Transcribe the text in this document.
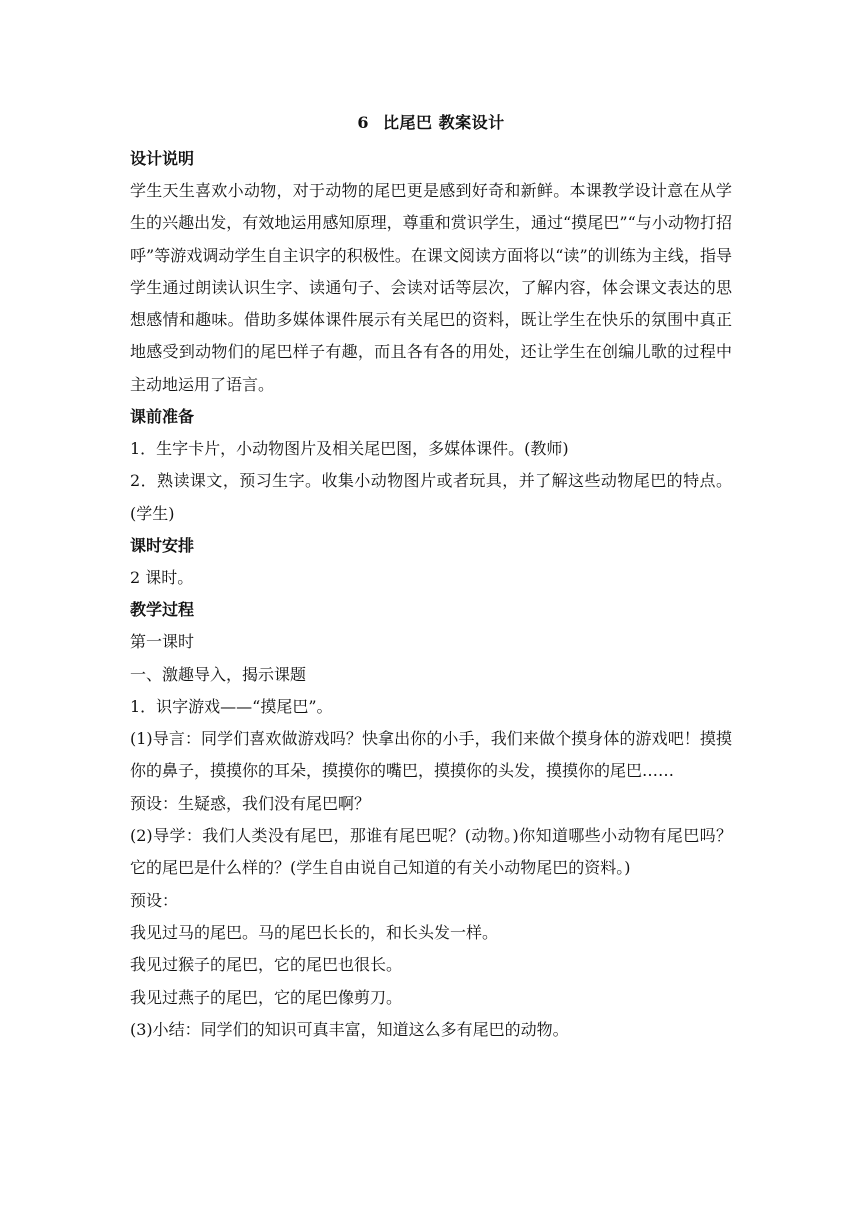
6 比尾巴 教案设计

设计说明

学生天生喜欢小动物，对于动物的尾巴更是感到好奇和新鲜。本课教学设计意在从学生的兴趣出发，有效地运用感知原理，尊重和赏识学生，通过“摸尾巴”“与小动物打招呼”等游戏调动学生自主识字的积极性。在课文阅读方面将以“读”的训练为主线，指导学生通过朗读认识生字、读通句子、会读对话等层次，了解内容，体会课文表达的思想感情和趣味。借助多媒体课件展示有关尾巴的资料，既让学生在快乐的氛围中真正地感受到动物们的尾巴样子有趣，而且各有各的用处，还让学生在创编儿歌的过程中主动地运用了语言。

课前准备

1．生字卡片，小动物图片及相关尾巴图，多媒体课件。(教师)

2．熟读课文，预习生字。收集小动物图片或者玩具，并了解这些动物尾巴的特点。(学生)

课时安排

2 课时。

教学过程

第一课时

一、激趣导入，揭示课题

1．识字游戏——“摸尾巴”。

(1)导言：同学们喜欢做游戏吗？快拿出你的小手，我们来做个摸身体的游戏吧！摸摸你的鼻子，摸摸你的耳朵，摸摸你的嘴巴，摸摸你的头发，摸摸你的尾巴……

预设：生疑惑，我们没有尾巴啊？

(2)导学：我们人类没有尾巴，那谁有尾巴呢？(动物。)你知道哪些小动物有尾巴吗？它的尾巴是什么样的？(学生自由说自己知道的有关小动物尾巴的资料。)

预设：

我见过马的尾巴。马的尾巴长长的，和长头发一样。

我见过猴子的尾巴，它的尾巴也很长。

我见过燕子的尾巴，它的尾巴像剪刀。

(3)小结：同学们的知识可真丰富，知道这么多有尾巴的动物。
